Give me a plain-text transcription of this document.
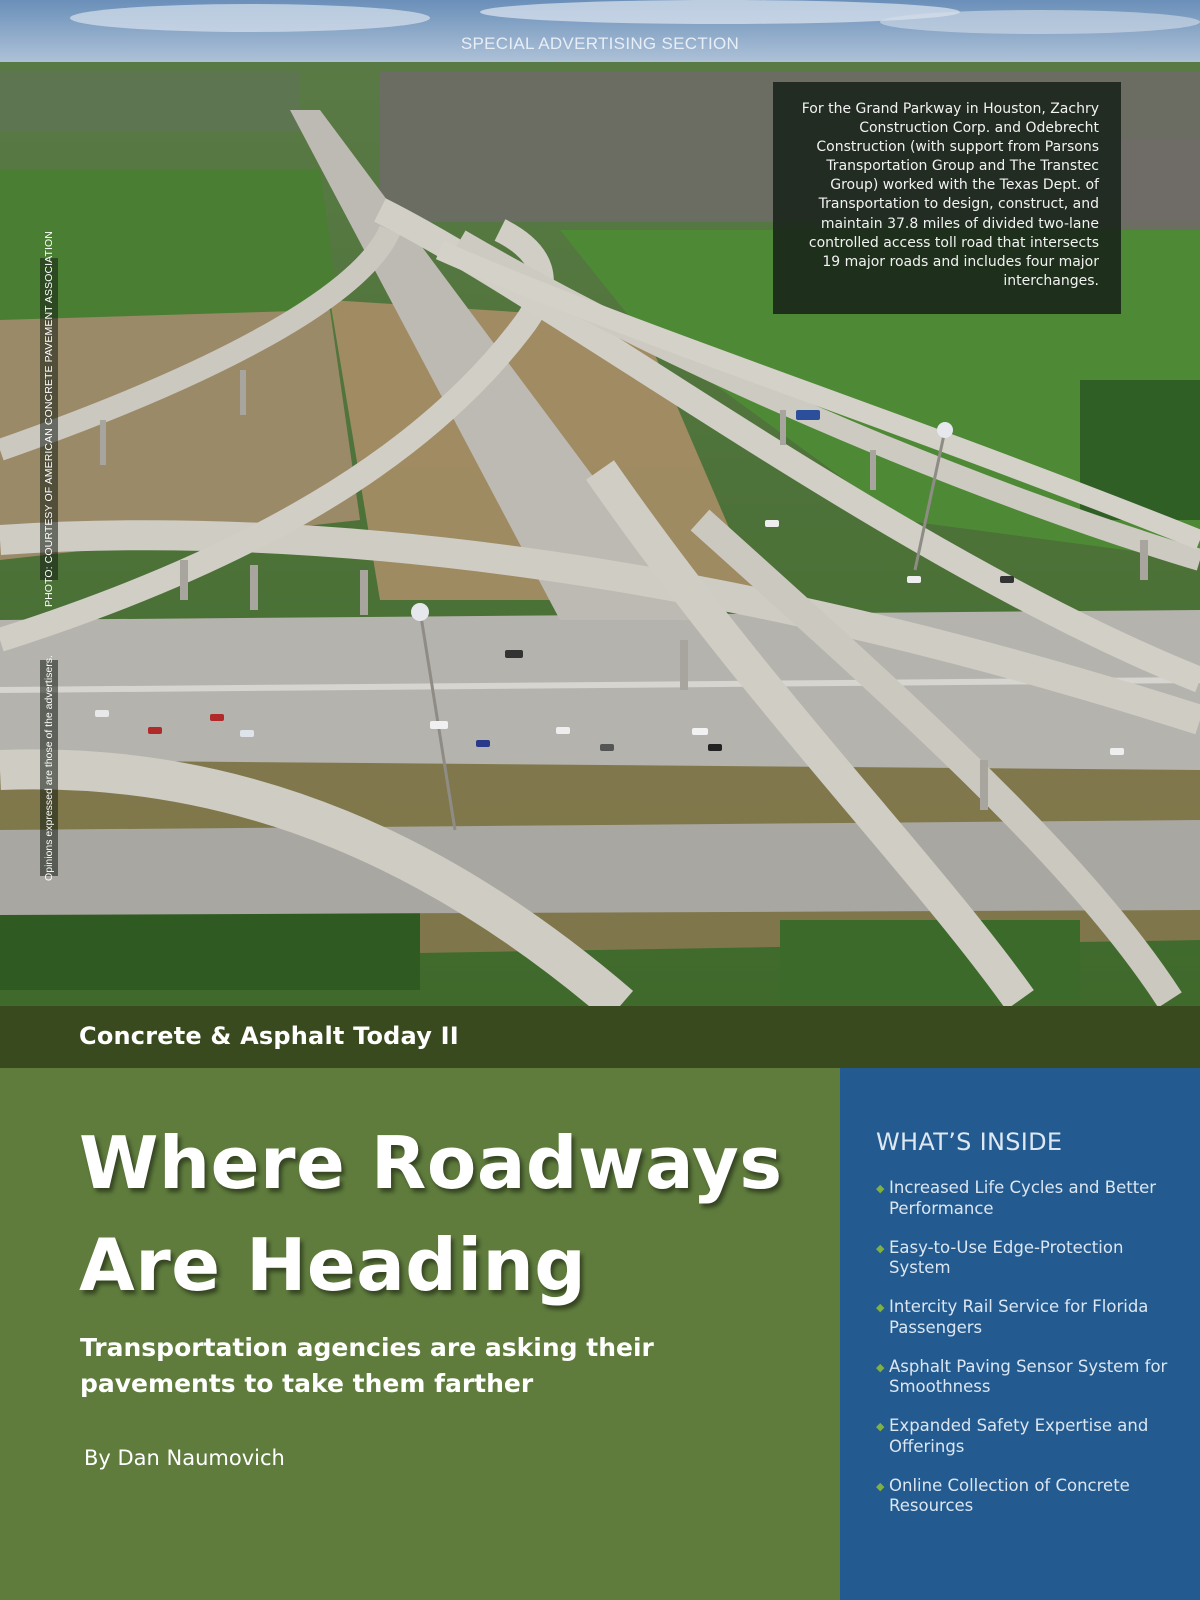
SPECIAL ADVERTISING SECTION
For the Grand Parkway in Houston, Zachry Construction Corp. and Odebrecht Construction (with support from Parsons Transportation Group and The Transtec Group) worked with the Texas Dept. of Transportation to design, construct, and maintain 37.8 miles of divided two-lane controlled access toll road that intersects 19 major roads and includes four major interchanges.
PHOTO: COURTESY OF AMERICAN CONCRETE PAVEMENT ASSOCIATION
Opinions expressed are those of the advertisers.
Concrete & Asphalt Today II
Where Roadways
Are Heading

Transportation agencies are asking their pavements to take them farther

By Dan Naumovich
WHAT’S INSIDE
◆ Increased Life Cycles and Better Performance
◆ Easy-to-Use Edge-Protection System
◆ Intercity Rail Service for Florida Passengers
◆ Asphalt Paving Sensor System for Smoothness
◆ Expanded Safety Expertise and Offerings
◆ Online Collection of Concrete Resources
